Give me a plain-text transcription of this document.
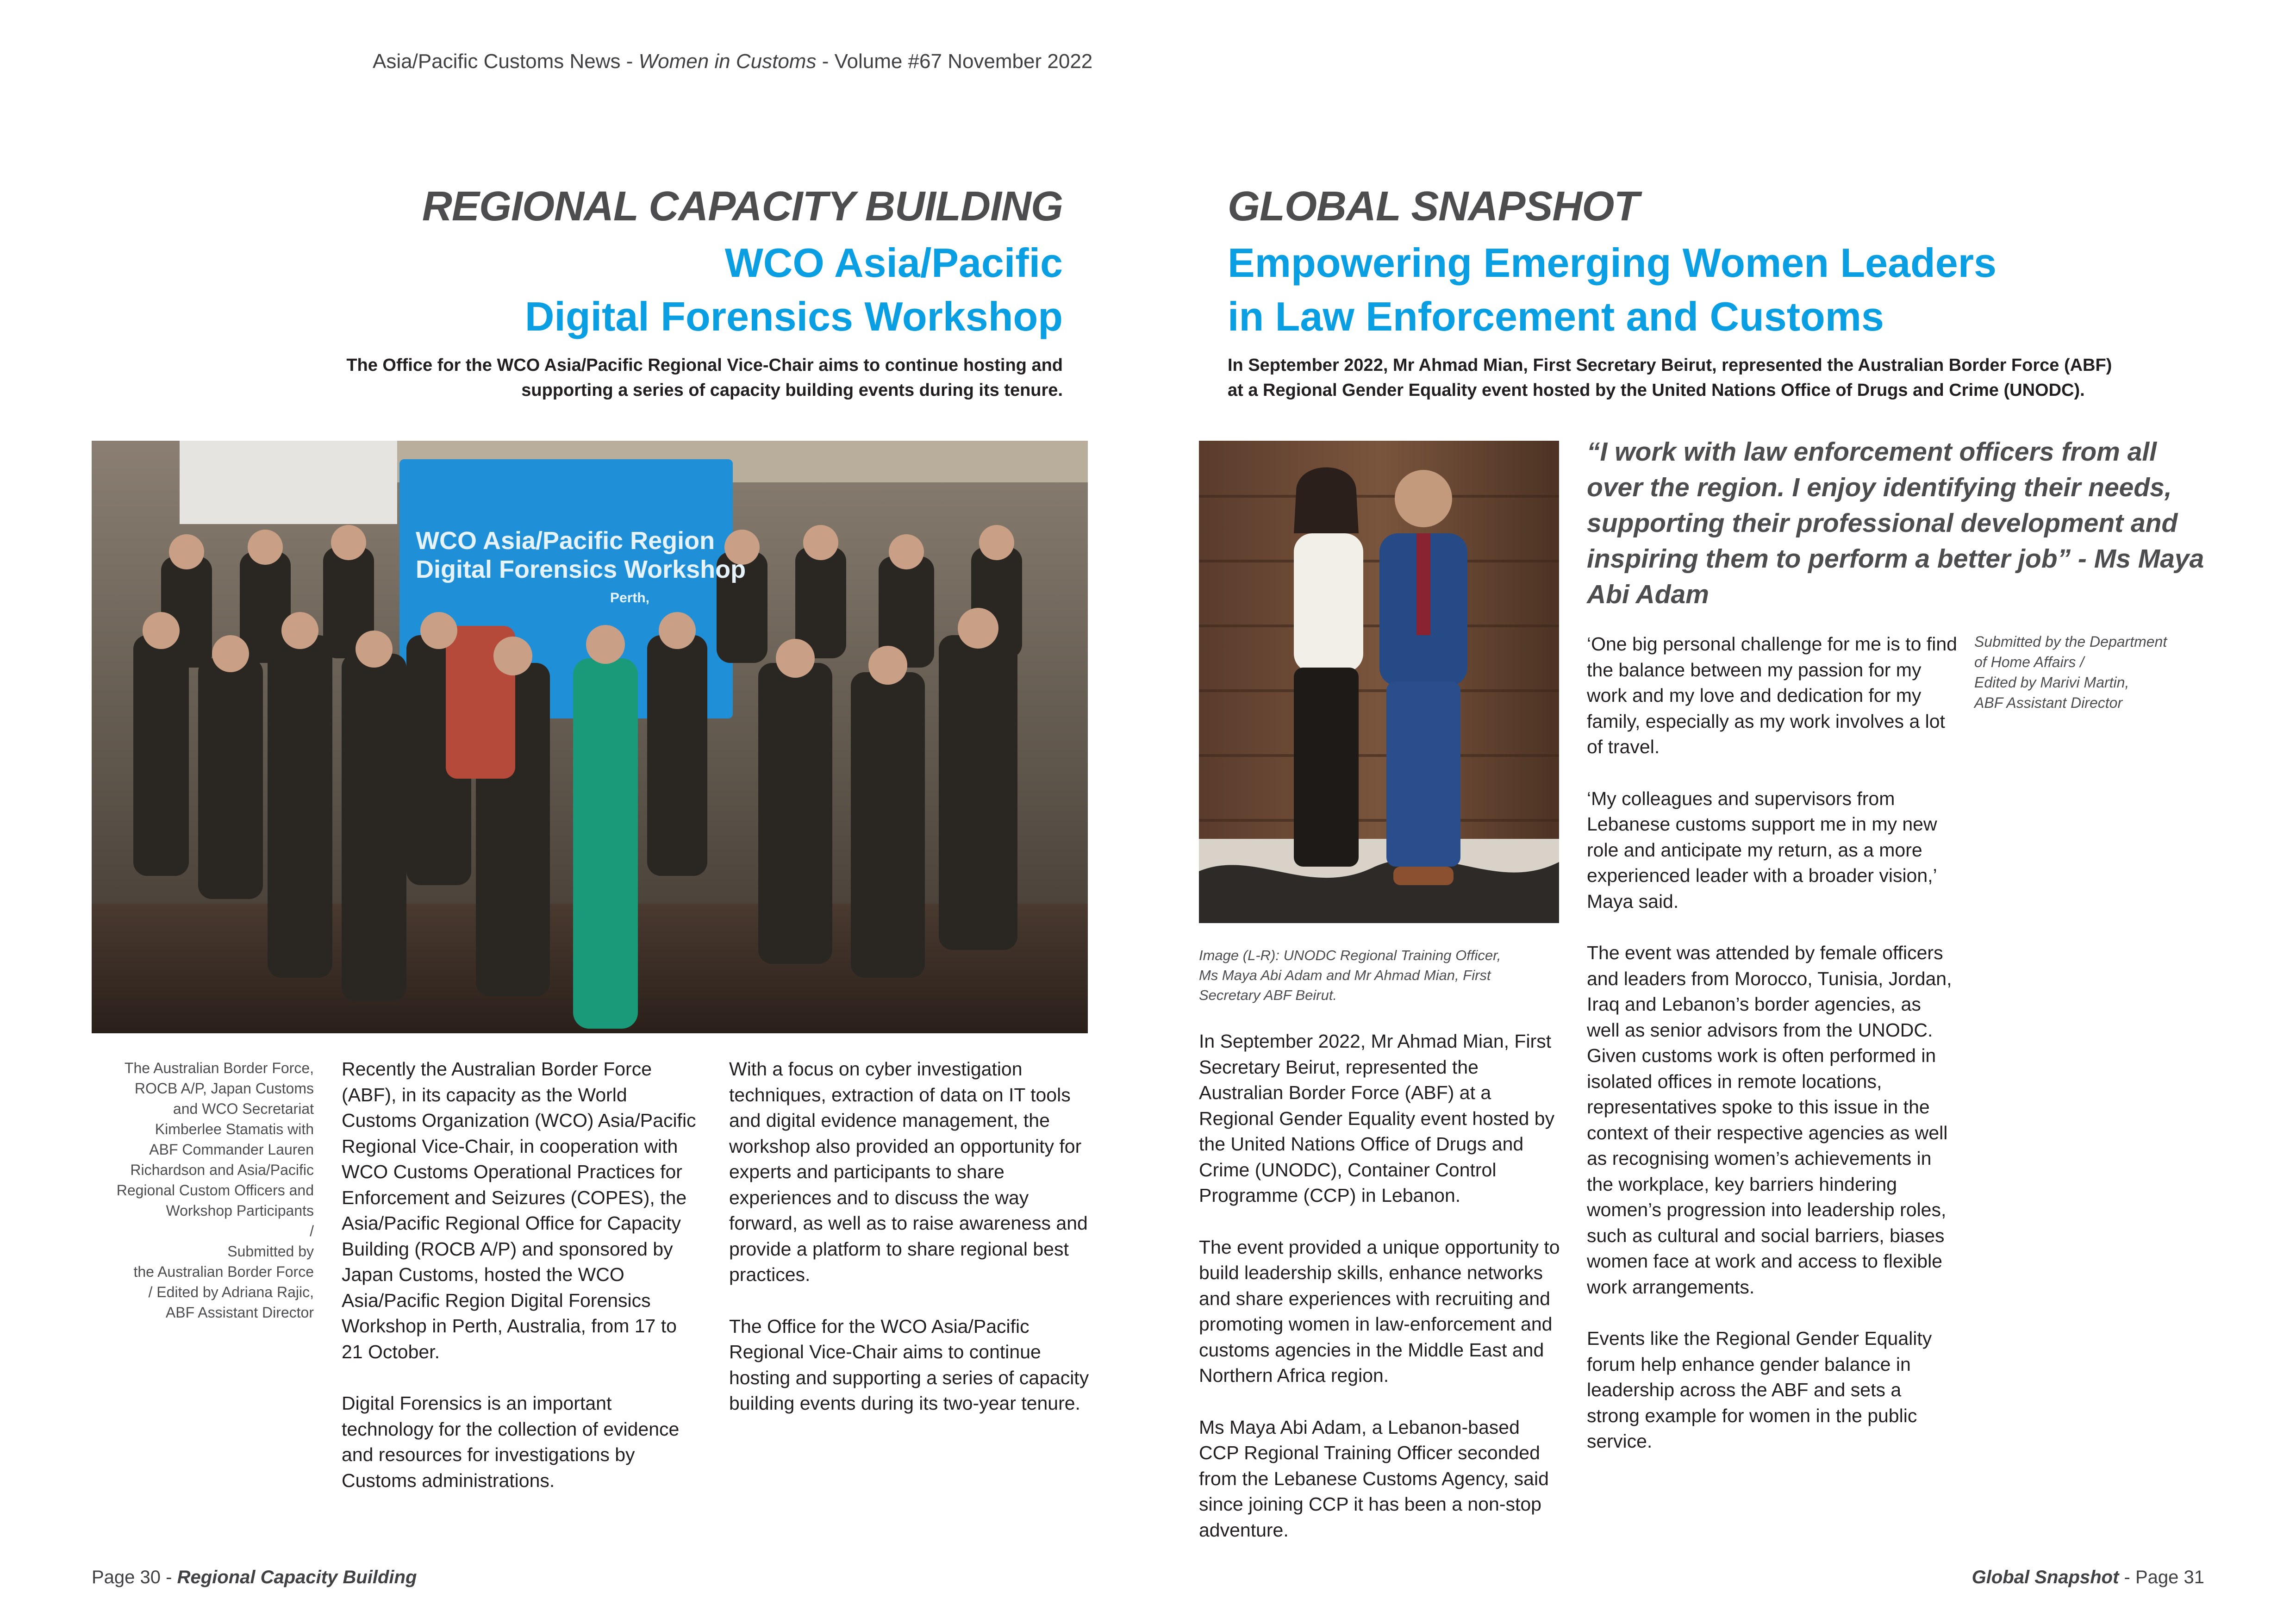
Asia/Pacific Customs News - Women in Customs - Volume #67 November 2022
REGIONAL CAPACITY BUILDING
WCO Asia/Pacific
Digital Forensics Workshop
The Office for the WCO Asia/Pacific Regional Vice-Chair aims to continue hosting and
supporting a series of capacity building events during its tenure.
WCO Asia/Pacific Region
Digital Forensics Workshop
Perth,

The Australian Border Force,

ROCB A/P, Japan Customs

and WCO Secretariat

Kimberlee Stamatis with

ABF Commander Lauren

Richardson and Asia/Pacific

Regional Custom Officers and

Workshop Participants

/

Submitted by

the Australian Border Force

/ Edited by Adriana Rajic,

ABF Assistant Director

Recently the Australian Border Force (ABF), in its capacity as the World Customs Organization (WCO) Asia/Pacific Regional Vice-Chair, in cooperation with WCO Customs Operational Practices for Enforcement and Seizures (COPES), the Asia/Pacific Regional Office for Capacity Building (ROCB A/P) and sponsored by Japan Customs, hosted the WCO Asia/Pacific Region Digital Forensics Workshop in Perth, Australia, from 17 to 21 October.

Digital Forensics is an important technology for the collection of evidence and resources for investigations by Customs administrations.

With a focus on cyber investigation techniques, extraction of data on IT tools and digital evidence management, the workshop also provided an opportunity for experts and participants to share experiences and to discuss the way forward, as well as to raise awareness and provide a platform to share regional best practices.

The Office for the WCO Asia/Pacific Regional Vice-Chair aims to continue hosting and supporting a series of capacity building events during its two-year tenure.

Page 30 - Regional Capacity Building
GLOBAL SNAPSHOT
Empowering Emerging Women Leaders
in Law Enforcement and Customs
In September 2022, Mr Ahmad Mian, First Secretary Beirut, represented the Australian Border Force (ABF)
at a Regional Gender Equality event hosted by the United Nations Office of Drugs and Crime (UNODC).

Image (L-R): UNODC Regional Training Officer,

Ms Maya Abi Adam and Mr Ahmad Mian, First

Secretary ABF Beirut.

“I work with law enforcement officers from all over the region. I enjoy identifying their needs, supporting their professional development and inspiring them to perform a better job” - Ms Maya Abi Adam

Submitted by the Department

of Home Affairs /

Edited by Marivi Martin,

ABF Assistant Director

In September 2022, Mr Ahmad Mian, First Secretary Beirut, represented the Australian Border Force (ABF) at a Regional Gender Equality event hosted by the United Nations Office of Drugs and Crime (UNODC), Container Control Programme (CCP) in Lebanon.

The event provided a unique opportunity to build leadership skills, enhance networks and share experiences with recruiting and promoting women in law-enforcement and customs agencies in the Middle East and Northern Africa region.

Ms Maya Abi Adam, a Lebanon-based CCP Regional Training Officer seconded from the Lebanese Customs Agency, said since joining CCP it has been a non-stop adventure.

‘One big personal challenge for me is to find the balance between my passion for my work and my love and dedication for my family, especially as my work involves a lot of travel.

‘My colleagues and supervisors from Lebanese customs support me in my new role and anticipate my return, as a more experienced leader with a broader vision,’ Maya said.

The event was attended by female officers and leaders from Morocco, Tunisia, Jordan, Iraq and Lebanon’s border agencies, as well as senior advisors from the UNODC. Given customs work is often performed in isolated offices in remote locations, representatives spoke to this issue in the context of their respective agencies as well as recognising women’s achievements in the workplace, key barriers hindering women’s progression into leadership roles, such as cultural and social barriers, biases women face at work and access to flexible work arrangements.

Events like the Regional Gender Equality forum help enhance gender balance in leadership across the ABF and sets a strong example for women in the public service.

Global Snapshot - Page 31
